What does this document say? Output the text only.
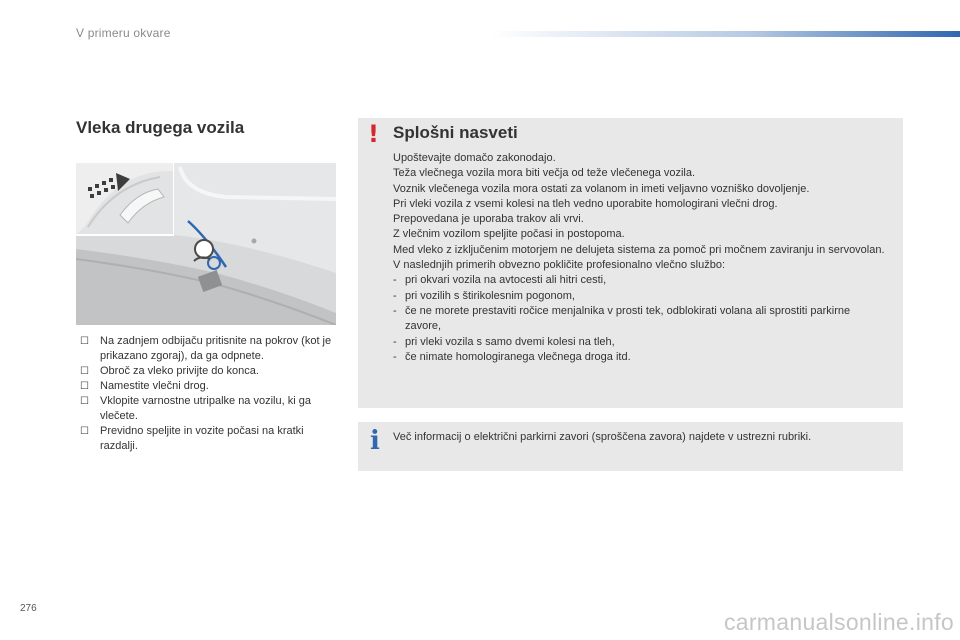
V primeru okvare
Vleka drugega vozila
☐ Na zadnjem odbijaču pritisnite na pokrov (kot je prikazano zgoraj), da ga odpnete.
☐ Obroč za vleko privijte do konca.
☐ Namestite vlečni drog.
☐ Vklopite varnostne utripalke na vozilu, ki ga vlečete.
☐ Previdno speljite in vozite počasi na kratki razdalji.
! Splošni nasveti

Upoštevajte domačo zakonodajo.

Teža vlečnega vozila mora biti večja od teže vlečenega vozila.

Voznik vlečenega vozila mora ostati za volanom in imeti veljavno vozniško dovoljenje.

Pri vleki vozila z vsemi kolesi na tleh vedno uporabite homologirani vlečni drog.

Prepovedana je uporaba trakov ali vrvi.

Z vlečnim vozilom speljite počasi in postopoma.

Med vleko z izključenim motorjem ne delujeta sistema za pomoč pri močnem zaviranju in servovolan.

V naslednjih primerih obvezno pokličite profesionalno vlečno službo:

- pri okvari vozila na avtocesti ali hitri cesti,

- pri vozilih s štirikolesnim pogonom,

- če ne morete prestaviti ročice menjalnika v prosti tek, odblokirati volana ali sprostiti parkirne zavore,

- pri vleki vozila s samo dvemi kolesi na tleh,

- če nimate homologiranega vlečnega droga itd.

i Več informacij o električni parkirni zavori (sproščena zavora) najdete v ustrezni rubriki.
276
carmanualsonline.info
